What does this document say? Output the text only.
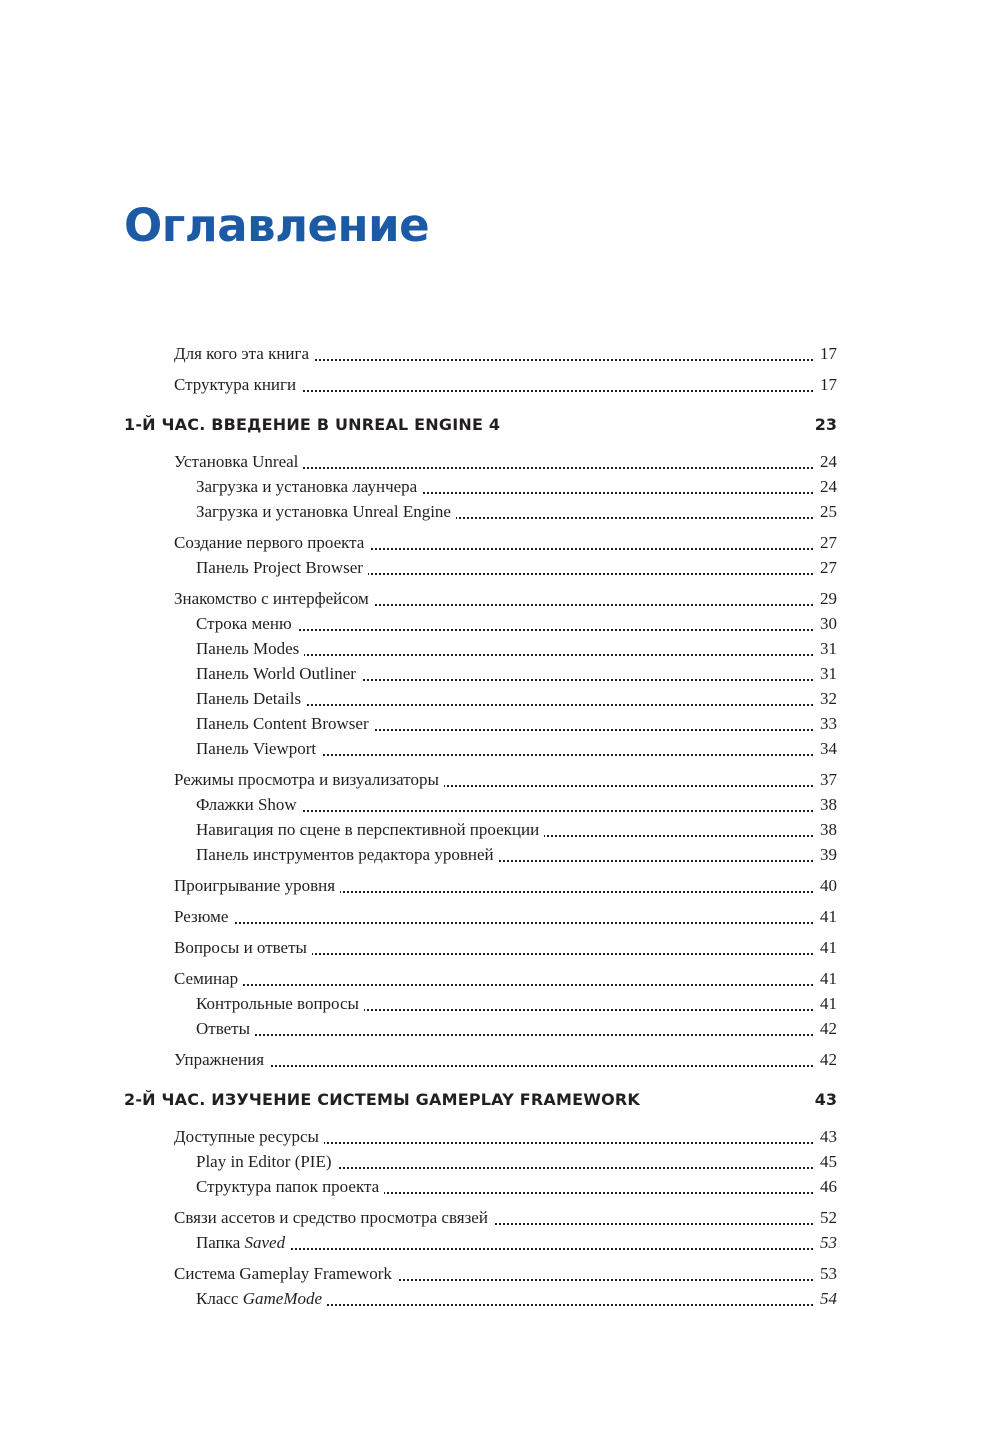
Оглавление
Для кого эта книга	17
Структура книги	17
1-Й ЧАС. ВВЕДЕНИЕ В UNREAL ENGINE 4	23
Установка Unreal	24
Загрузка и установка лаунчера	24
Загрузка и установка Unreal Engine	25
Создание первого проекта	27
Панель Project Browser	27
Знакомство с интерфейсом	29
Строка меню	30
Панель Modes	31
Панель World Outliner	31
Панель Details	32
Панель Content Browser	33
Панель Viewport	34
Режимы просмотра и визуализаторы	37
Флажки Show	38
Навигация по сцене в перспективной проекции	38
Панель инструментов редактора уровней	39
Проигрывание уровня	40
Резюме	41
Вопросы и ответы	41
Семинар	41
Контрольные вопросы	41
Ответы	42
Упражнения	42
2-Й ЧАС. ИЗУЧЕНИЕ СИСТЕМЫ GAMEPLAY FRAMEWORK	43
Доступные ресурсы	43
Play in Editor (PIE)	45
Структура папок проекта	46
Связи ассетов и средство просмотра связей	52
Папка Saved	53
Система Gameplay Framework	53
Класс GameMode	54
